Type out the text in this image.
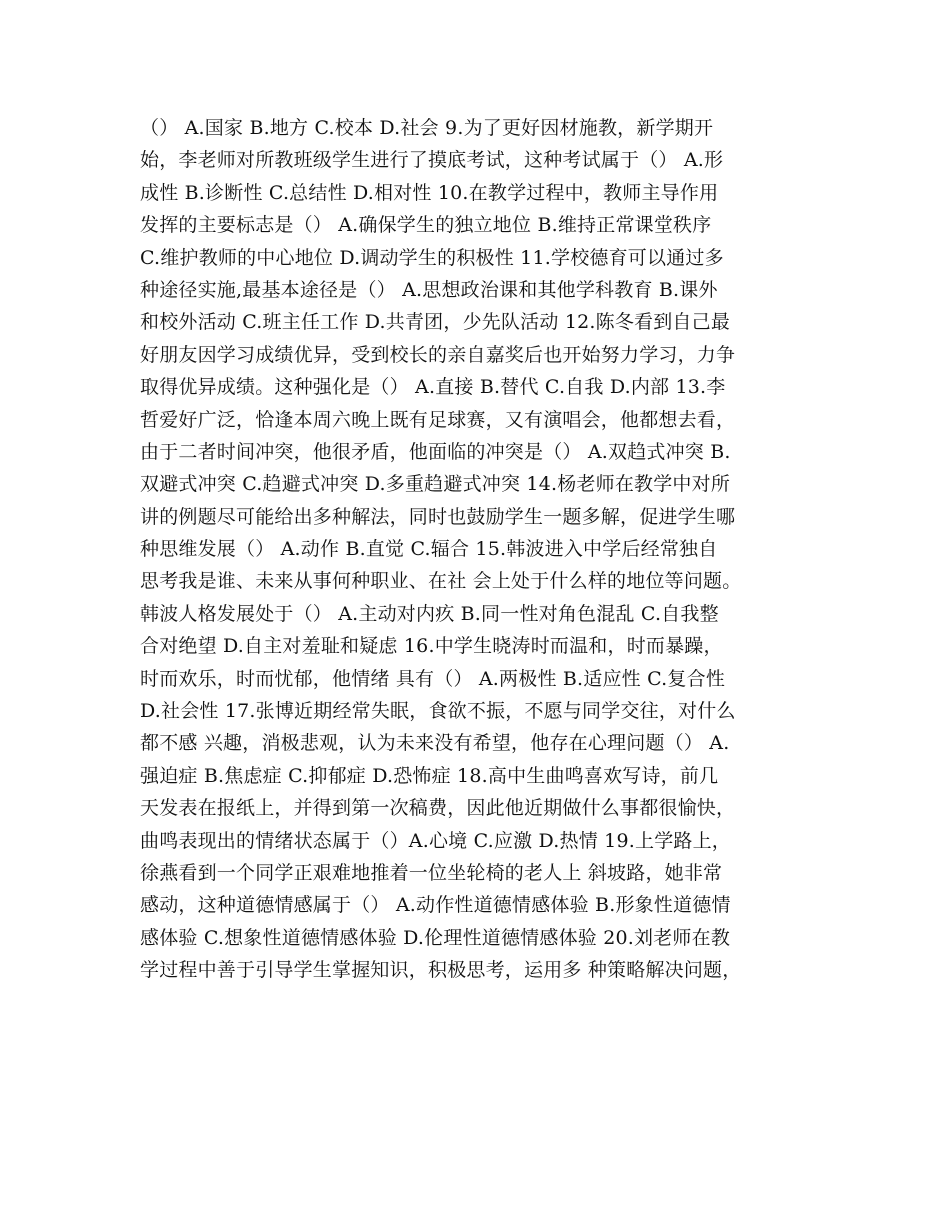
（） A.国家 B.地方 C.校本 D.社会 9.为了更好因材施教，新学期开
始，李老师对所教班级学生进行了摸底考试，这种考试属于（） A.形
成性 B.诊断性 C.总结性 D.相对性 10.在教学过程中，教师主导作用
发挥的主要标志是（） A.确保学生的独立地位 B.维持正常课堂秩序
C.维护教师的中心地位 D.调动学生的积极性 11.学校德育可以通过多
种途径实施,最基本途径是（） A.思想政治课和其他学科教育 B.课外
和校外活动 C.班主任工作 D.共青团，少先队活动 12.陈冬看到自己最
好朋友因学习成绩优异，受到校长的亲自嘉奖后也开始努力学习，力争
取得优异成绩。这种强化是（） A.直接 B.替代 C.自我 D.内部 13.李
哲爱好广泛，恰逢本周六晚上既有足球赛，又有演唱会，他都想去看，
由于二者时间冲突，他很矛盾，他面临的冲突是（） A.双趋式冲突 B.
双避式冲突 C.趋避式冲突 D.多重趋避式冲突 14.杨老师在教学中对所
讲的例题尽可能给出多种解法，同时也鼓励学生一题多解，促进学生哪
种思维发展（） A.动作 B.直觉 C.辐合 15.韩波进入中学后经常独自
思考我是谁、未来从事何种职业、在社 会上处于什么样的地位等问题。
韩波人格发展处于（） A.主动对内疚 B.同一性对角色混乱 C.自我整
合对绝望 D.自主对羞耻和疑虑 16.中学生晓涛时而温和，时而暴躁，
时而欢乐，时而忧郁，他情绪 具有（） A.两极性 B.适应性 C.复合性
D.社会性 17.张博近期经常失眠，食欲不振，不愿与同学交往，对什么
都不感 兴趣，消极悲观，认为未来没有希望，他存在心理问题（） A.
强迫症 B.焦虑症 C.抑郁症 D.恐怖症 18.高中生曲鸣喜欢写诗，前几
天发表在报纸上，并得到第一次稿费，因此他近期做什么事都很愉快，
曲鸣表现出的情绪状态属于（）A.心境 C.应激 D.热情 19.上学路上，
徐燕看到一个同学正艰难地推着一位坐轮椅的老人上 斜坡路，她非常
感动，这种道德情感属于（） A.动作性道德情感体验 B.形象性道德情
感体验 C.想象性道德情感体验 D.伦理性道德情感体验 20.刘老师在教
学过程中善于引导学生掌握知识，积极思考，运用多 种策略解决问题，
